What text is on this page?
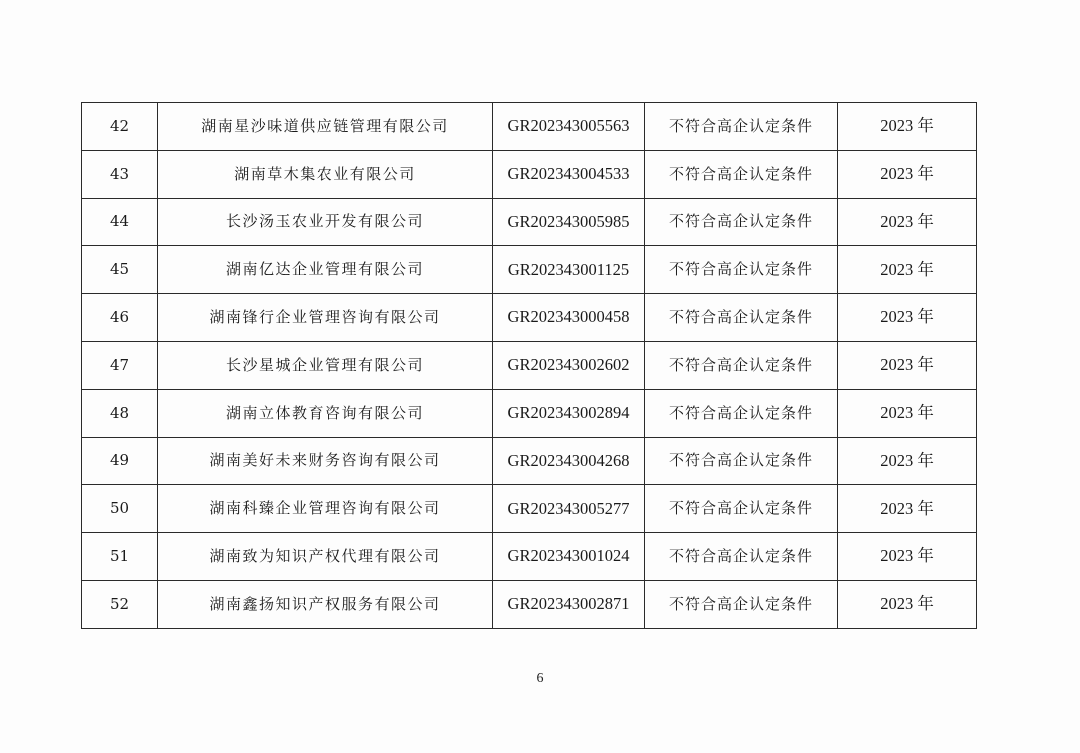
42	湖南星沙味道供应链管理有限公司	GR202343005563	不符合高企认定条件	2023 年
43	湖南草木集农业有限公司	GR202343004533	不符合高企认定条件	2023 年
44	长沙汤玉农业开发有限公司	GR202343005985	不符合高企认定条件	2023 年
45	湖南亿达企业管理有限公司	GR202343001125	不符合高企认定条件	2023 年
46	湖南锋行企业管理咨询有限公司	GR202343000458	不符合高企认定条件	2023 年
47	长沙星城企业管理有限公司	GR202343002602	不符合高企认定条件	2023 年
48	湖南立体教育咨询有限公司	GR202343002894	不符合高企认定条件	2023 年
49	湖南美好未来财务咨询有限公司	GR202343004268	不符合高企认定条件	2023 年
50	湖南科臻企业管理咨询有限公司	GR202343005277	不符合高企认定条件	2023 年
51	湖南致为知识产权代理有限公司	GR202343001024	不符合高企认定条件	2023 年
52	湖南鑫扬知识产权服务有限公司	GR202343002871	不符合高企认定条件	2023 年
6
